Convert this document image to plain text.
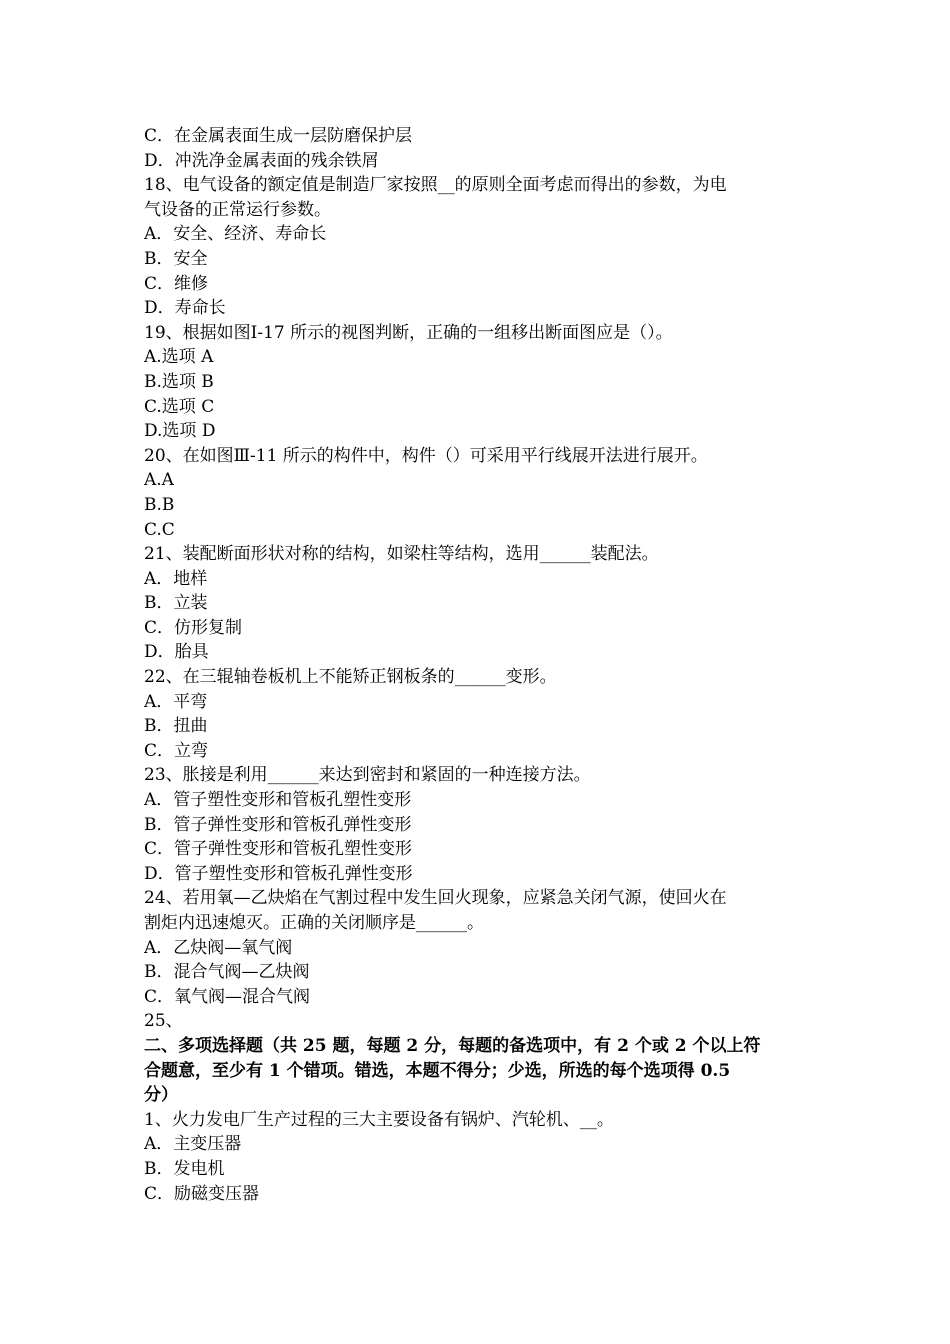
C．在金属表面生成一层防磨保护层
D．冲洗净金属表面的残余铁屑
18、电气设备的额定值是制造厂家按照__的原则全面考虑而得出的参数，为电
气设备的正常运行参数。
A．安全、经济、寿命长
B．安全
C．维修
D．寿命长
19、根据如图Ⅰ-17 所示的视图判断，正确的一组移出断面图应是（）。
A.选项 A
B.选项 B
C.选项 C
D.选项 D
20、在如图Ⅲ-11 所示的构件中，构件（）可采用平行线展开法进行展开。
A.A
B.B
C.C
21、装配断面形状对称的结构，如梁柱等结构，选用______装配法。
A．地样
B．立装
C．仿形复制
D．胎具
22、在三辊轴卷板机上不能矫正钢板条的______变形。
A．平弯
B．扭曲
C．立弯
23、胀接是利用______来达到密封和紧固的一种连接方法。
A．管子塑性变形和管板孔塑性变形
B．管子弹性变形和管板孔弹性变形
C．管子弹性变形和管板孔塑性变形
D．管子塑性变形和管板孔弹性变形
24、若用氧—乙炔焰在气割过程中发生回火现象，应紧急关闭气源，使回火在
割炬内迅速熄灭。正确的关闭顺序是______。
A．乙炔阀—氧气阀
B．混合气阀—乙炔阀
C．氧气阀—混合气阀
25、
二、多项选择题（共 25 题，每题 2 分，每题的备选项中，有 2 个或 2 个以上符
合题意，至少有 1 个错项。错选，本题不得分；少选，所选的每个选项得 0.5
分）
1、火力发电厂生产过程的三大主要设备有锅炉、汽轮机、__。
A．主变压器
B．发电机
C．励磁变压器
